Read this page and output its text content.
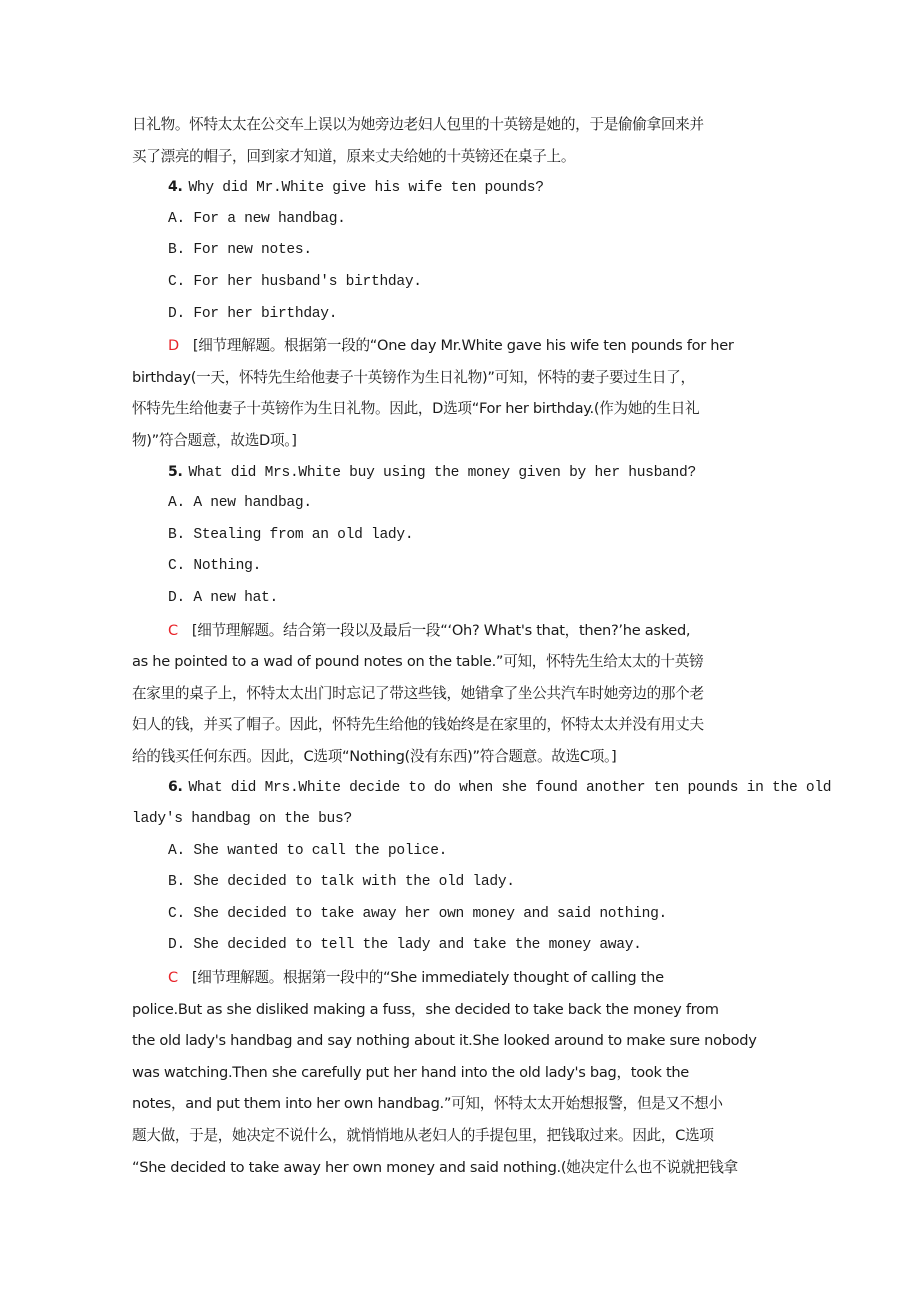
日礼物。怀特太太在公交车上误以为她旁边老妇人包里的十英镑是她的，于是偷偷拿回来并
买了漂亮的帽子，回到家才知道，原来丈夫给她的十英镑还在桌子上。
4. Why did Mr.White give his wife ten pounds?
A. For a new handbag.
B. For new notes.
C. For her husband's birthday.
D. For her birthday.
D [细节理解题。根据第一段的“One day Mr.White gave his wife ten pounds for her
birthday(一天，怀特先生给他妻子十英镑作为生日礼物)”可知，怀特的妻子要过生日了，
怀特先生给他妻子十英镑作为生日礼物。因此，D选项“For her birthday.(作为她的生日礼
物)”符合题意，故选D项。]
5. What did Mrs.White buy using the money given by her husband?
A. A new handbag.
B. Stealing from an old lady.
C. Nothing.
D. A new hat.
C [细节理解题。结合第一段以及最后一段“‘Oh? What's that，then?’he asked,
as he pointed to a wad of pound notes on the table.”可知，怀特先生给太太的十英镑
在家里的桌子上，怀特太太出门时忘记了带这些钱，她错拿了坐公共汽车时她旁边的那个老
妇人的钱，并买了帽子。因此，怀特先生给他的钱始终是在家里的，怀特太太并没有用丈夫
给的钱买任何东西。因此，C选项“Nothing(没有东西)”符合题意。故选C项。]
6. What did Mrs.White decide to do when she found another ten pounds in the old
lady's handbag on the bus?
A. She wanted to call the police.
B. She decided to talk with the old lady.
C. She decided to take away her own money and said nothing.
D. She decided to tell the lady and take the money away.
C [细节理解题。根据第一段中的“She immediately thought of calling the
police.But as she disliked making a fuss，she decided to take back the money from
the old lady's handbag and say nothing about it.She looked around to make sure nobody
was watching.Then she carefully put her hand into the old lady's bag，took the
notes，and put them into her own handbag.”可知，怀特太太开始想报警，但是又不想小
题大做，于是，她决定不说什么，就悄悄地从老妇人的手提包里，把钱取过来。因此，C选项
“She decided to take away her own money and said nothing.(她决定什么也不说就把钱拿
